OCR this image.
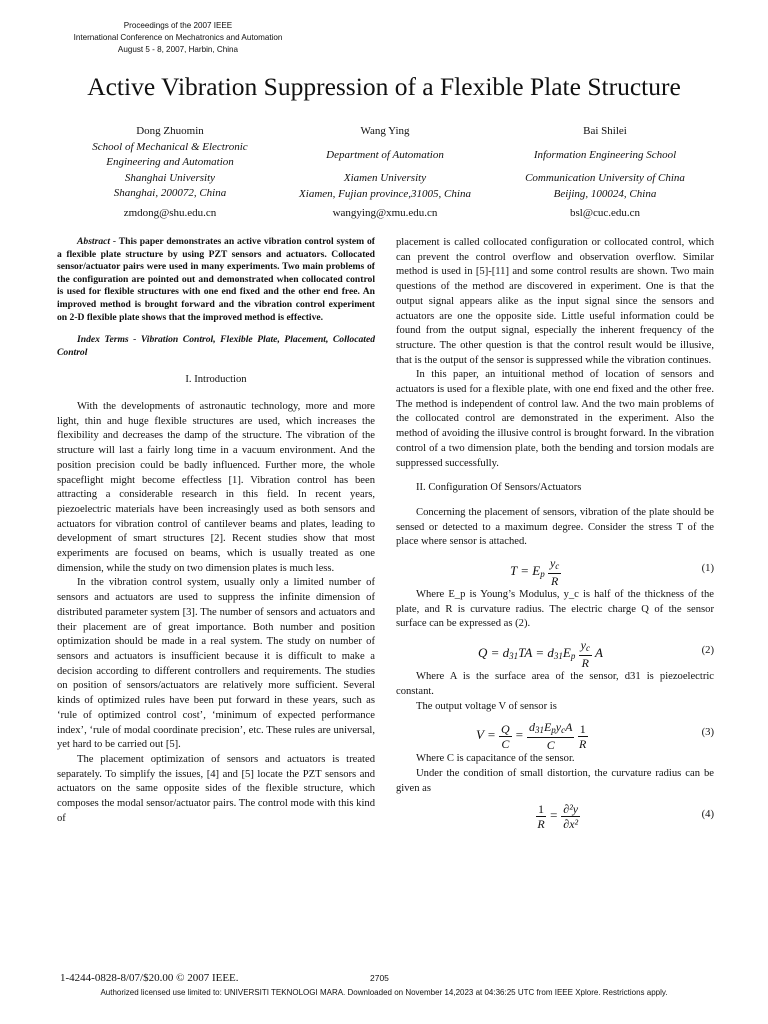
Proceedings of the 2007 IEEE
International Conference on Mechatronics and Automation
August 5 - 8, 2007, Harbin, China
Active Vibration Suppression of a Flexible Plate Structure
Dong Zhuomin
School of Mechanical & Electronic
Engineering and Automation
Shanghai University
Shanghai, 200072, China
zmdong@shu.edu.cn
Wang Ying
Department of Automation
Xiamen University
Xiamen, Fujian province,31005, China
wangying@xmu.edu.cn
Bai Shilei
Information Engineering School
Communication University of China
Beijing, 100024, China
bsl@cuc.edu.cn

Abstract - This paper demonstrates an active vibration control system of a flexible plate structure by using PZT sensors and actuators. Collocated sensor/actuator pairs were used in many experiments. Two main problems of the configuration are pointed out and demonstrated when collocated control is used for flexible structures with one end fixed and the other end free. An improved method is brought forward and the vibration control experiment on 2-D flexible plate shows that the improved method is effective.

Index Terms - Vibration Control, Flexible Plate, Placement, Collocated Control

I. Introduction

With the developments of astronautic technology, more and more light, thin and huge flexible structures are used, which increases the flexibility and decreases the damp of the structure. The vibration of the structure will last a fairly long time in a vacuum environment. And the position precision could be badly influenced. Further more, the whole spaceflight might become effectless [1]. Vibration control has been attracting a considerable research in this field. In recent years, piezoelectric materials have been increasingly used as both sensors and actuators for vibration control of cantilever beams and plates, leading to development of smart structures [2]. Recent studies show that most experiments are focused on beams, which is usually treated as one dimension, while the study on two dimension plates is much less.

In the vibration control system, usually only a limited number of sensors and actuators are used to suppress the infinite dimension of distributed parameter system [3]. The number of sensors and actuators and their placement are of great importance. Both number and position optimization should be made in a real system. The study on number of sensors and actuators is insufficient because it is difficult to make a decision according to different controllers and requirements. The studies on position of sensors/actuators are relatively more sufficient. Several kinds of optimized rules have been put forward in these years, such as ‘rule of optimized control cost’, ‘minimum of expected performance index’, ‘rule of modal coordinate precision’, etc. These rules are universal, yet hard to be carried out [5].

The placement optimization of sensors and actuators is treated separately. To simplify the issues, [4] and [5] locate the PZT sensors and actuators on the same opposite sides of the flexible structure, which composes the modal sensor/actuator pairs. The control mode with this kind of

placement is called collocated configuration or collocated control, which can prevent the control overflow and observation overflow. Similar method is used in [5]-[11] and some control results are shown. Two main questions of the method are discovered in experiment. One is that the output signal appears alike as the input signal since the sensors and actuators are one the opposite side. Little useful information could be found from the output signal, especially the inherent frequency of the structure. The other question is that the control result would be illusive, that is the output of the sensor is suppressed while the vibration continues.

In this paper, an intuitional method of location of sensors and actuators is used for a flexible plate, with one end fixed and the other free. The method is independent of control law. And the two main problems of the collocated control are demonstrated in the experiment. Also the method of avoiding the illusive control is brought forward. In the vibration control of a two dimension plate, both the bending and torsion modals are suppressed successfully.

II. Configuration Of Sensors/Actuators

Concerning the placement of sensors, vibration of the plate should be sensed or detected to a maximum degree. Consider the stress T of the place where sensor is attached.

T = Ep $\frac{yc}{R}$	(1)

Where E_p is Young’s Modulus, y_c is half of the thickness of the plate, and R is curvature radius. The electric charge Q of the sensor surface can be expressed as (2).

$Q = d31TA = d31Ep \frac{yc}{R}$ A	(2)

Where A is the surface area of the sensor, d31 is piezoelectric constant.

The output voltage V of sensor is

$V = \frac{Q}{C} = \frac{\text{d31EpycA}}{C}$
$\frac{1}{R}$	(3)

Where C is capacitance of the sensor.

Under the condition of small distortion, the curvature radius can be given as

$\frac{1}{R} = \frac{\text{∂²y}}{\text{∂x²}}$	(4)
1-4244-0828-8/07/$20.00 © 2007 IEEE.	2705
Authorized licensed use limited to: UNIVERSITI TEKNOLOGI MARA. Downloaded on November 14,2023 at 04:36:25 UTC from IEEE Xplore. Restrictions apply.
